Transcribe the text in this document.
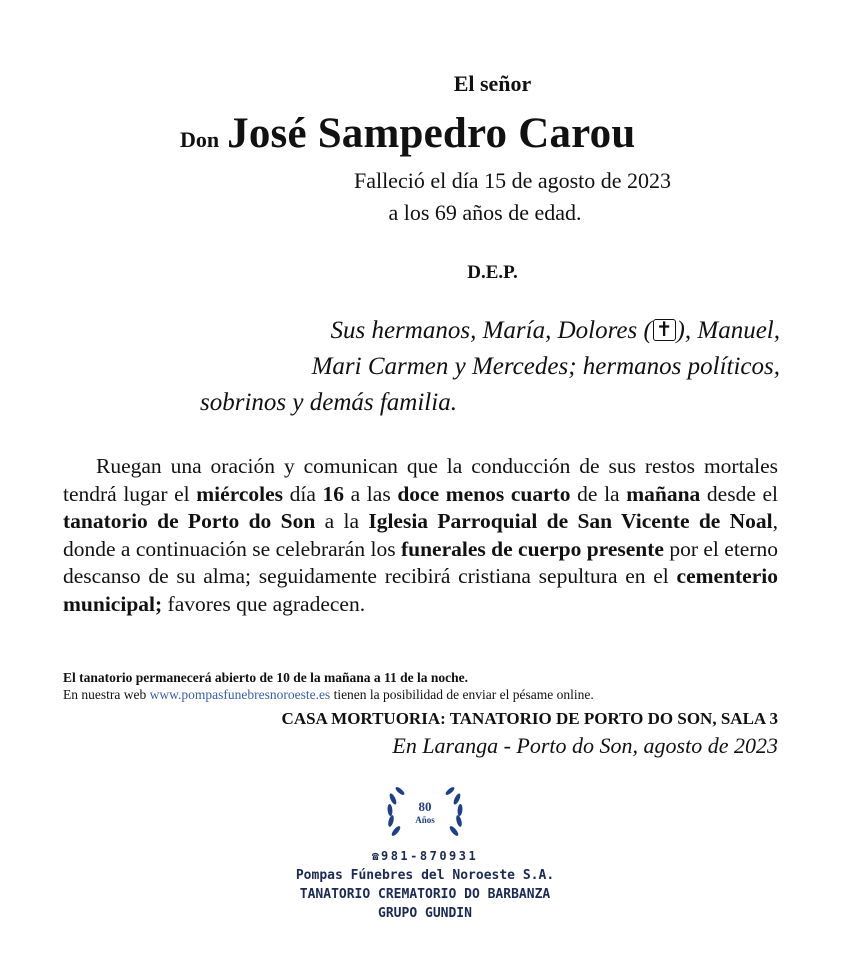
El señor
Don José Sampedro Carou
Falleció el día 15 de agosto de 2023
a los 69 años de edad.
D.E.P.
Sus hermanos, María, Dolores ( ✝ ), Manuel,
Mari Carmen y Mercedes; hermanos políticos,
sobrinos y demás familia.

Ruegan una oración y comunican que la conducción de sus restos mortales tendrá lugar el miércoles día 16 a las doce menos cuarto de la mañana desde el tanatorio de Porto do Son a la Iglesia Parroquial de San Vicente de Noal, donde a continuación se celebrarán los funerales de cuerpo presente por el eterno descanso de su alma; seguidamente recibirá cristiana sepultura en el cementerio municipal; favores que agradecen.

El tanatorio permanecerá abierto de 10 de la mañana a 11 de la noche.
En nuestra web www.pompasfunebresnoroeste.es tienen la posibilidad de enviar el pésame online.
CASA MORTUORIA: TANATORIO DE PORTO DO SON, SALA 3
En Laranga - Porto do Son, agosto de 2023
80
Años
☎ 981-870931
Pompas Fúnebres del Noroeste S.A.
TANATORIO CREMATORIO DO BARBANZA
GRUPO GUNDIN
